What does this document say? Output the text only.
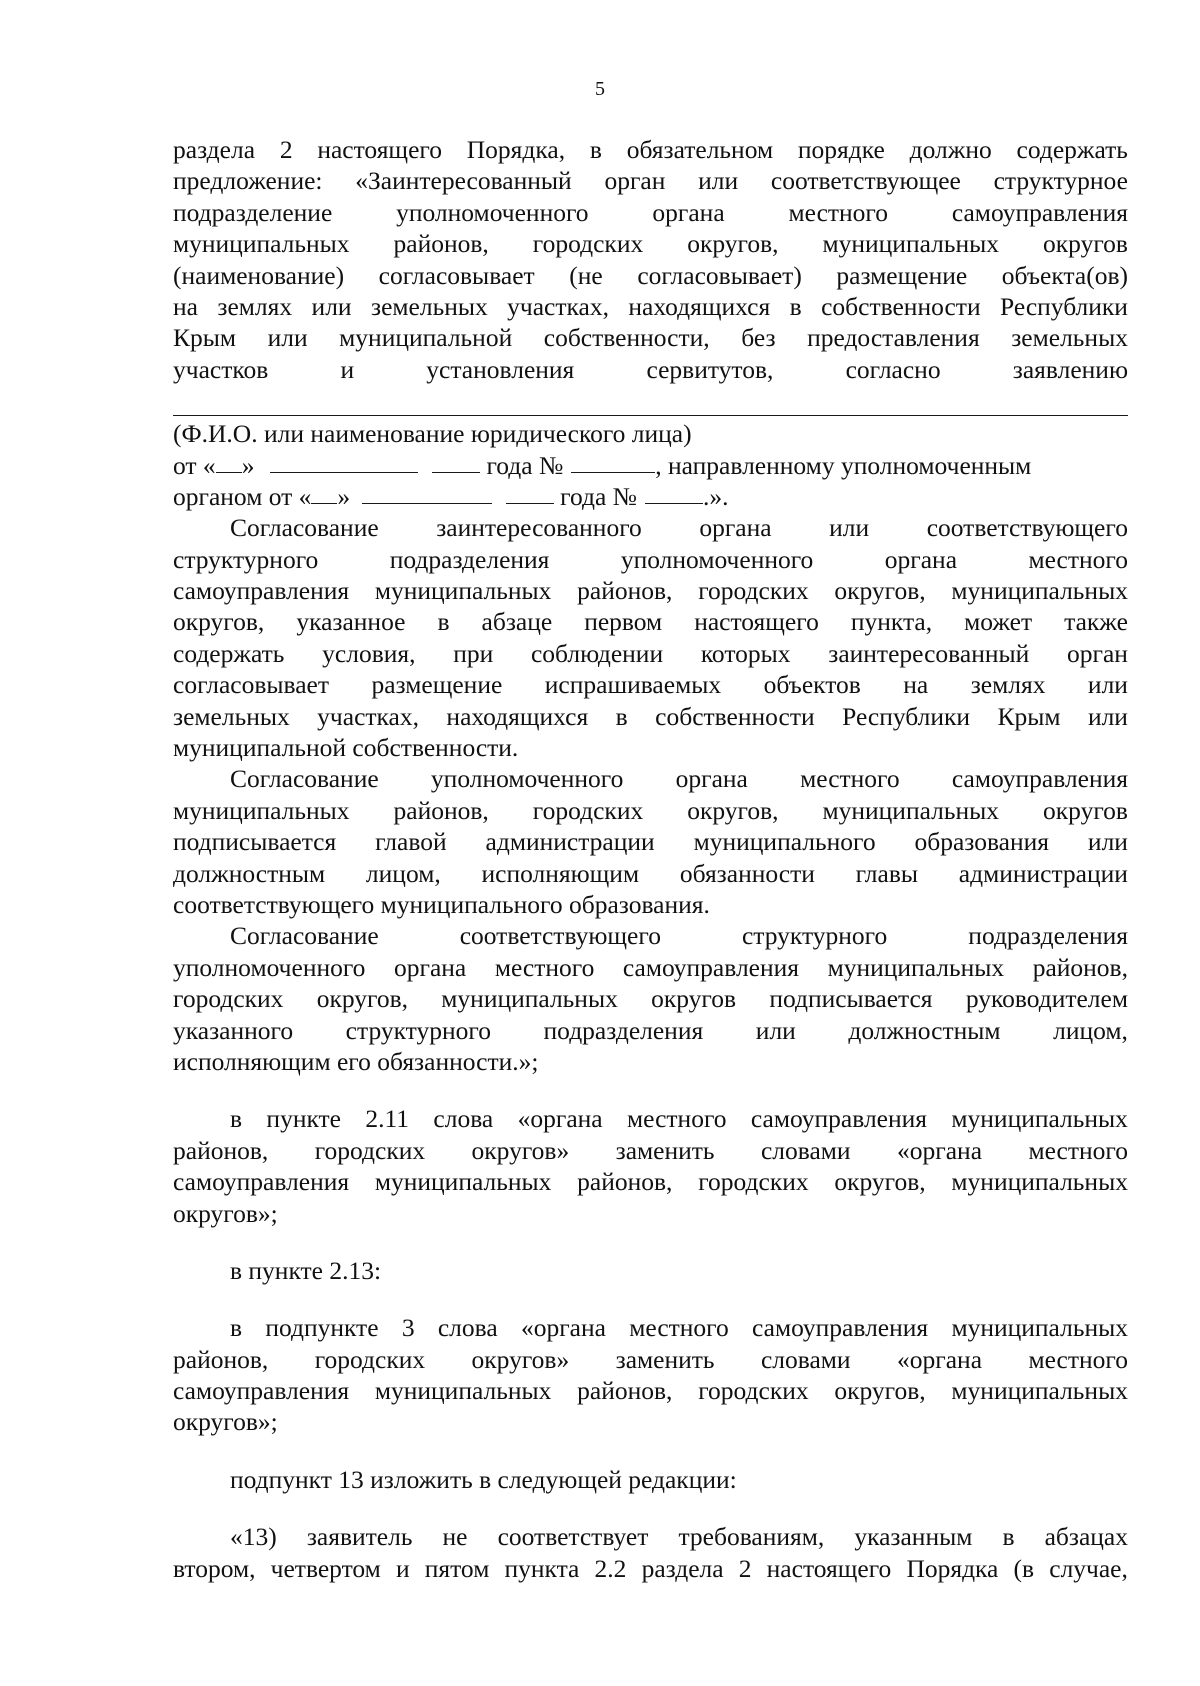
5
раздела 2 настоящего Порядка, в обязательном порядке должно содержать
предложение: «Заинтересованный орган или соответствующее структурное
подразделение	уполномоченного	органа	местного	самоуправления
муниципальных районов, городских округов, муниципальных округов
(наименование) согласовывает (не согласовывает) размещение объекта(ов)
на землях или земельных участках, находящихся в собственности Республики
Крым или муниципальной собственности, без предоставления земельных
участков	и	установления	сервитутов,	согласно	заявлению
(Ф.И.О. или наименование юридического лица)
от « »	года №	, направленному уполномоченным
органом от « »	года №	.».
Согласование заинтересованного органа или соответствующего
структурного	подразделения	уполномоченного	органа	местного
самоуправления муниципальных районов, городских округов, муниципальных
округов, указанное в абзаце первом настоящего пункта, может также
содержать условия, при соблюдении которых заинтересованный орган
согласовывает размещение испрашиваемых объектов на землях или
земельных участках, находящихся в собственности Республики Крым или
муниципальной собственности.
Согласование уполномоченного органа местного самоуправления
муниципальных районов, городских округов, муниципальных округов
подписывается главой администрации муниципального образования или
должностным лицом, исполняющим обязанности главы администрации
соответствующего муниципального образования.
Согласование	соответствующего	структурного	подразделения
уполномоченного органа местного самоуправления муниципальных районов,
городских округов, муниципальных округов подписывается руководителем
указанного структурного подразделения или должностным лицом,
исполняющим его обязанности.»;
в пункте 2.11 слова «органа местного самоуправления муниципальных
районов, городских округов» заменить словами «органа местного
самоуправления муниципальных районов, городских округов, муниципальных
округов»;
в пункте 2.13:
в подпункте 3 слова «органа местного самоуправления муниципальных
районов, городских округов» заменить словами «органа местного
самоуправления муниципальных районов, городских округов, муниципальных
округов»;
подпункт 13 изложить в следующей редакции:
«13) заявитель не соответствует требованиям, указанным в абзацах
втором, четвертом и пятом пункта 2.2 раздела 2 настоящего Порядка (в случае,
